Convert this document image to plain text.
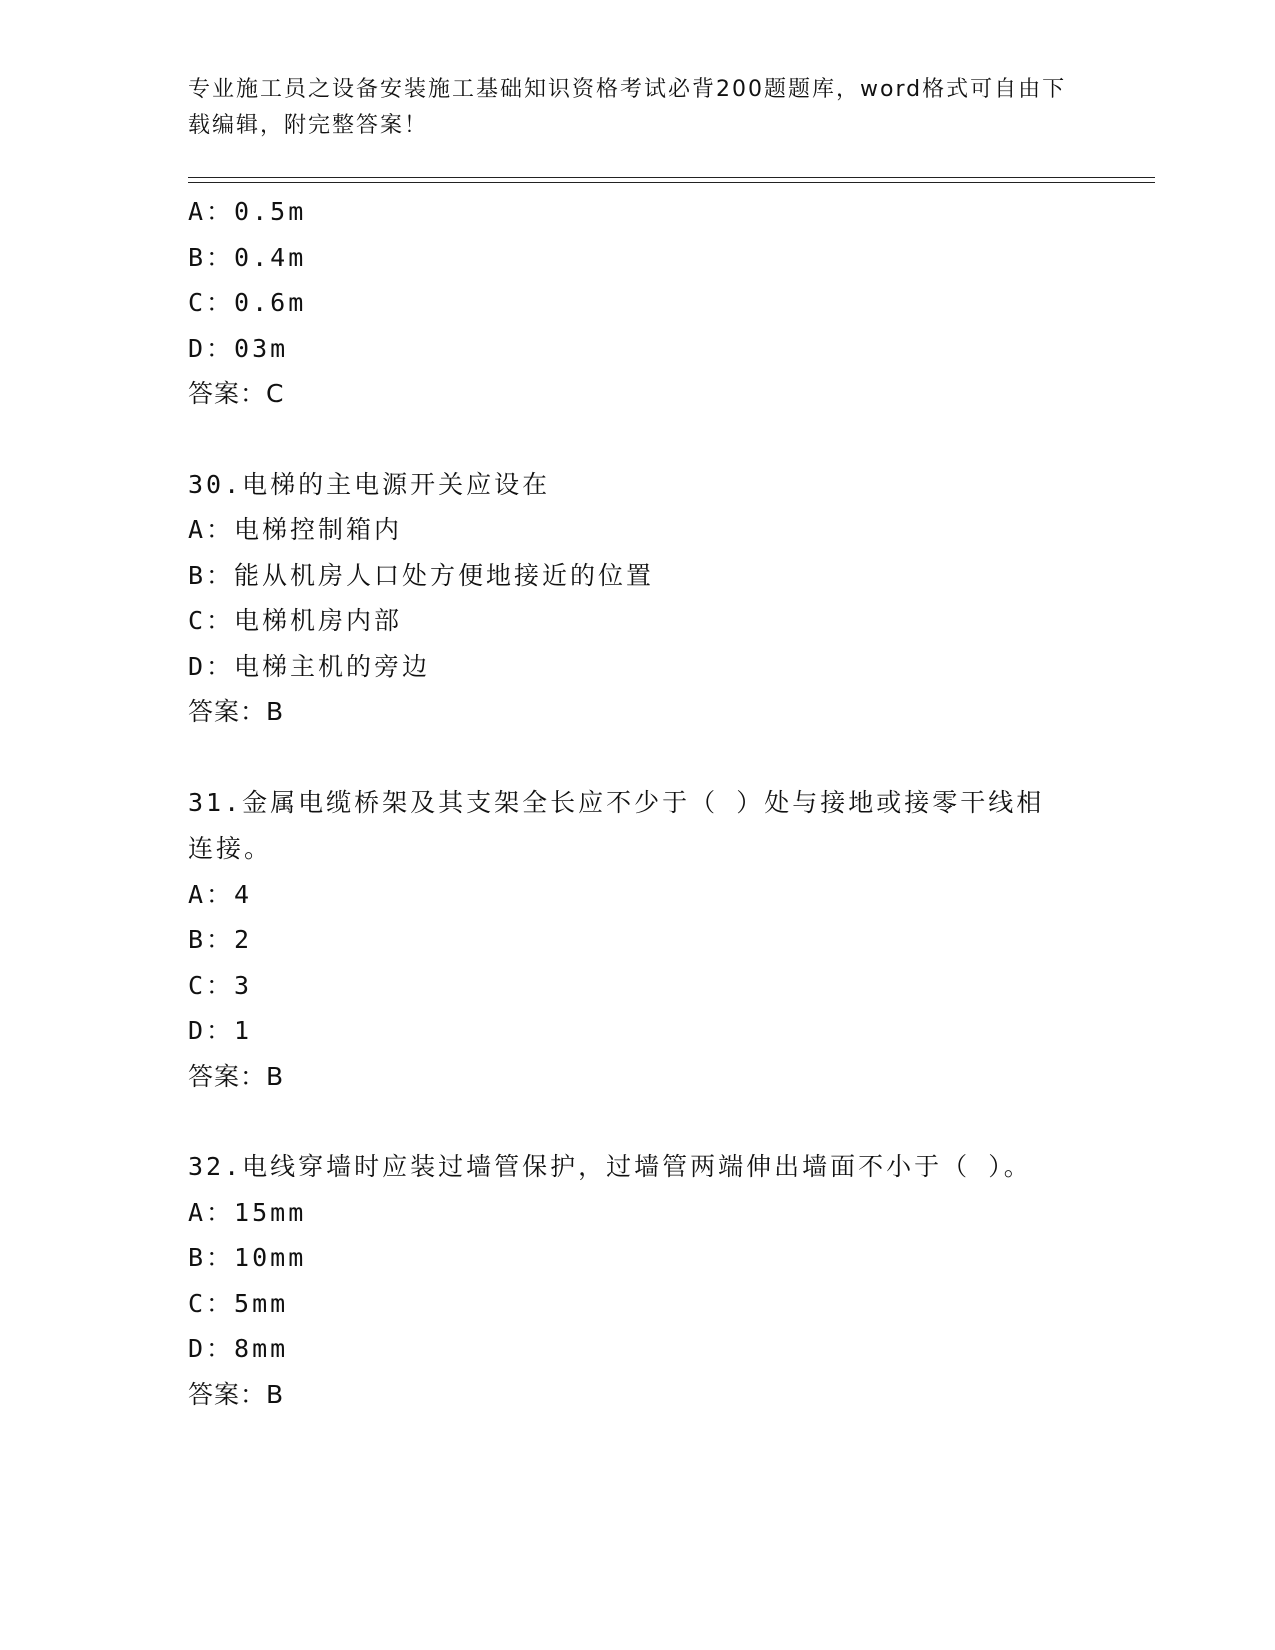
专业施工员之设备安装施工基础知识资格考试必背200题题库，word格式可自由下载编辑，附完整答案！
A：0.5m
B：0.4m
C：0.6m
D：03m
答案：C
30.电梯的主电源开关应设在
A：电梯控制箱内
B：能从机房人口处方便地接近的位置
C：电梯机房内部
D：电梯主机的旁边
答案：B
31.金属电缆桥架及其支架全长应不少于（ ）处与接地或接零干线相连接。
A：4
B：2
C：3
D：1
答案：B
32.电线穿墙时应装过墙管保护，过墙管两端伸出墙面不小于（ ）。
A：15mm
B：10mm
C：5mm
D：8mm
答案：B
